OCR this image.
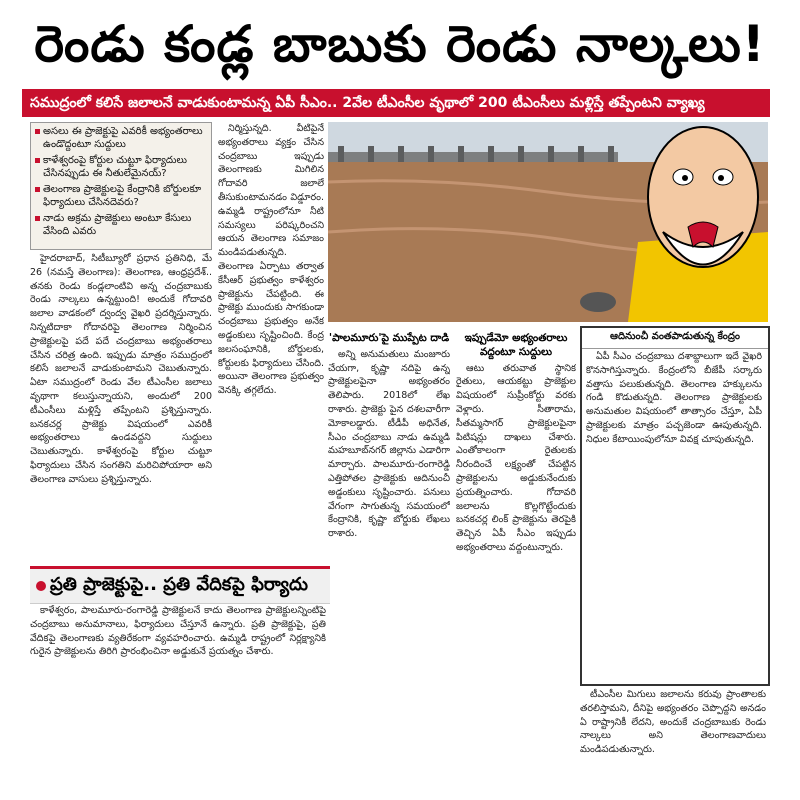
రెండు కండ్ల బాబుకు రెండు నాల్కలు!
సముద్రంలో కలిసే జలాలనే వాడుకుంటామన్న ఏపీ సీఎం.. 2వేల టీఎంసీల వృథాలో 200 టీఎంసీలు మళ్లిస్తే తప్పేంటని వ్యాఖ్య
అసలు ఈ ప్రాజెక్టుపై ఎవరికీ అభ్యంతరాలు ఉండొద్దంటూ సుద్దులు
కాళేశ్వరంపై కోర్టుల చుట్టూ ఫిర్యాదులు చేసినప్పుడు ఈ నీతులేమైనయ్?
తెలంగాణ ప్రాజెక్టులపై కేంద్రానికి బోర్డులకూ ఫిర్యాదులు చేసినదెవరు?
నాడు అక్రమ ప్రాజెక్టులు అంటూ కేసులు వేసింది ఎవరు

హైదరాబాద్‌, సిటీబ్యూరో ప్రధాన ప్రతినిధి, మే 26 (నమస్తే తెలంగాణ): తెలంగాణ, ఆంధ్రప్రదేశ్‌.. తనకు రెండు కండ్లలాంటివి అన్న చంద్రబాబుకు రెండు నాల్కలు ఉన్నట్టుంది! అందుకే గోదావరి జలాల వాడకంలో ద్వంద్వ వైఖరి ప్రదర్శిస్తున్నారు. నిన్నటిదాకా గోదావరిపై తెలంగాణ నిర్మించిన ప్రాజెక్టులపై పదే పదే చంద్రబాబు అభ్యంతరాలు చేసిన చరిత్ర ఉంది. ఇప్పుడు మాత్రం సముద్రంలో కలిసే జలాలనే వాడుకుంటామని చెబుతున్నారు. ఏటా సముద్రంలో రెండు వేల టీఎంసీల జలాలు వృథాగా కలుస్తున్నాయని, అందులో 200 టీఎంసీలు మళ్లిస్తే తప్పేంటని ప్రశ్నిస్తున్నారు. బనకచర్ల ప్రాజెక్టు విషయంలో ఎవరికీ అభ్యంతరాలు ఉండవద్దని సుద్దులు చెబుతున్నారు. కాళేశ్వరంపై కోర్టుల చుట్టూ ఫిర్యాదులు చేసిన సంగతిని మరిచిపోయారా అని తెలంగాణ వాసులు ప్రశ్నిస్తున్నారు.

నిర్మిస్తున్నది. వీటిపైనే అభ్యంతరాలు వ్యక్తం చేసిన చంద్రబాబు ఇప్పుడు తెలంగాణకు మిగిలిన గోదావరి జలాలే తీసుకుంటామనడం విడ్డూరం. ఉమ్మడి రాష్ట్రంలోనూ నీటి సమస్యలు పరిష్కరించని ఆయన తెలంగాణ సమాజం మండిపడుతున్నది. తెలంగాణ ఏర్పాటు తర్వాత కేసీఆర్‌ ప్రభుత్వం కాళేశ్వరం ప్రాజెక్టును చేపట్టింది. ఈ ప్రాజెక్టు ముందుకు సాగకుండా చంద్రబాబు ప్రభుత్వం అనేక అడ్డంకులు సృష్టించింది. కేంద్ర జలసంఘానికి, బోర్డులకు, కోర్టులకు ఫిర్యాదులు చేసింది. అయినా తెలంగాణ ప్రభుత్వం వెనక్కి తగ్గలేదు.

'పాలమూరు'పై ముప్పేట దాడి

అన్ని అనుమతులు మంజూరు చేయగా, కృష్ణా నదిపై ఉన్న ప్రాజెక్టులపైనా అభ్యంతరం తెలిపారు. 2018లో లేఖ రాశారు. ప్రాజెక్టు పైన దశలవారీగా మోకాలడ్డారు. టీడీపీ అధినేత, సీఎం చంద్రబాబు నాడు ఉమ్మడి మహబూబ్‌నగర్‌ జిల్లాను ఎడారిగా మార్చారు. పాలమూరు-రంగారెడ్డి ఎత్తిపోతల ప్రాజెక్టుకు ఆదినుంచీ అడ్డంకులు సృష్టించారు. పనులు వేగంగా సాగుతున్న సమయంలో కేంద్రానికి, కృష్ణా బోర్డుకు లేఖలు రాశారు.

ఇప్పుడేమో అభ్యంతరాలు వద్దంటూ సుద్దులు

ఆటు తరువాత స్థానిక రైతులు, ఆయకట్టు ప్రాజెక్టుల విషయంలో సుప్రీంకోర్టు వరకు వెళ్లారు. సీతారామ, సీతమ్మసాగర్‌ ప్రాజెక్టులపైనా పిటిషన్లు దాఖలు చేశారు. ఎంతోకాలంగా రైతులకు నీరందించే లక్ష్యంతో చేపట్టిన ప్రాజెక్టులను అడ్డుకునేందుకు ప్రయత్నించారు. గోదావరి జలాలను కొల్లగొట్టేందుకు బనకచర్ల లింక్‌ ప్రాజెక్టును తెరపైకి తెచ్చిన ఏపీ సీఎం ఇప్పుడు అభ్యంతరాలు వద్దంటున్నారు.

ఆదినుంచీ వంతపాడుతున్న కేంద్రం

ఏపీ సీఎం చంద్రబాబు దశాబ్దాలుగా ఇదే వైఖరి కొనసాగిస్తున్నారు. కేంద్రంలోని బీజేపీ సర్కారు వత్తాసు పలుకుతున్నది. తెలంగాణ హక్కులను గండి కొడుతున్నది. తెలంగాణ ప్రాజెక్టులకు అనుమతుల విషయంలో తాత్సారం చేస్తూ, ఏపీ ప్రాజెక్టులకు మాత్రం పచ్చజెండా ఊపుతున్నది. నిధుల కేటాయింపులోనూ వివక్ష చూపుతున్నది.

టీఎంసీల మిగులు జలాలను కరువు ప్రాంతాలకు తరలిస్తామని, దీనిపై అభ్యంతరం చెప్పొద్దని అనడం ఏ రాష్ట్రానికీ లేదని, అందుకే చంద్రబాబుకు రెండు నాల్కలు అని తెలంగాణవాదులు మండిపడుతున్నారు.

ప్రతి ప్రాజెక్టుపై.. ప్రతి వేదికపై ఫిర్యాదు

కాళేశ్వరం, పాలమూరు-రంగారెడ్డి ప్రాజెక్టులనే కాదు తెలంగాణ ప్రాజెక్టులన్నింటిపై చంద్రబాబు అనుమానాలు, ఫిర్యాదులు చేస్తూనే ఉన్నారు. ప్రతి ప్రాజెక్టుపై, ప్రతి వేదికపై తెలంగాణకు వ్యతిరేకంగా వ్యవహరించారు. ఉమ్మడి రాష్ట్రంలో నిర్లక్ష్యానికి గురైన ప్రాజెక్టులను తిరిగి ప్రారంభించినా అడ్డుకునే ప్రయత్నం చేశారు.
